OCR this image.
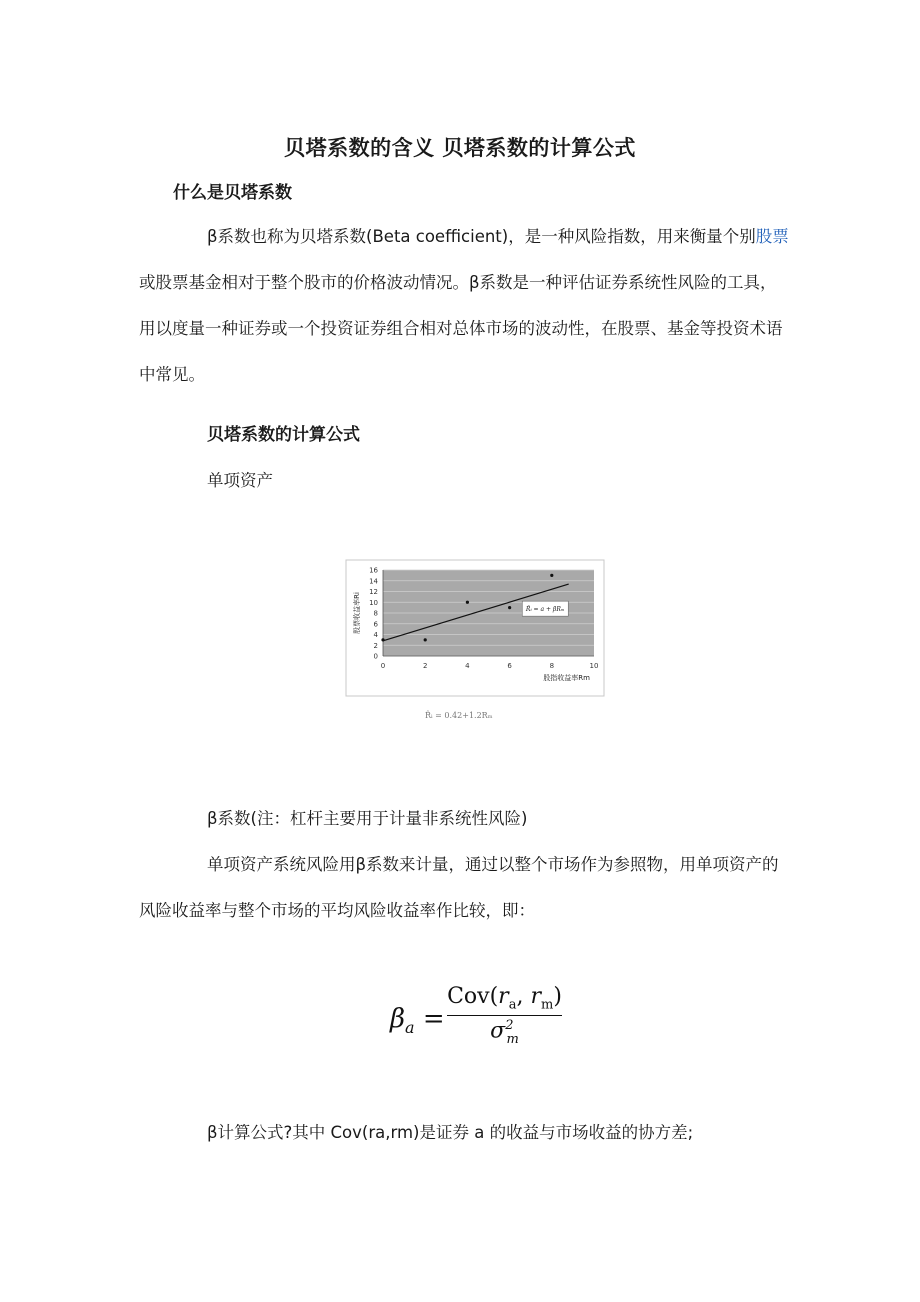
贝塔系数的含义 贝塔系数的计算公式
什么是贝塔系数

β系数也称为贝塔系数(Beta coefficient)，是一种风险指数，用来衡量个别股票或股票基金相对于整个股市的价格波动情况。β系数是一种评估证券系统性风险的工具，用以度量一种证券或一个投资证券组合相对总体市场的波动性，在股票、基金等投资术语中常见。

贝塔系数的计算公式
单项资产
0
2
4
6
8
10
12
14
16
0	2	4	6	8	10
R̂ᵢ = a + βRₘ
股指收益率Rm
股票收益率Ri
R̂ᵢ = 0.42+1.2Rₘ
β系数(注：杠杆主要用于计量非系统性风险)

单项资产系统风险用β系数来计量，通过以整个市场作为参照物，用单项资产的风险收益率与整个市场的平均风险收益率作比较，即：

$\beta_a$ =
$Cov(r_a$, $r_m$)
$\sigma^2_m$
β计算公式?其中 Cov(ra,rm)是证券 a 的收益与市场收益的协方差;
